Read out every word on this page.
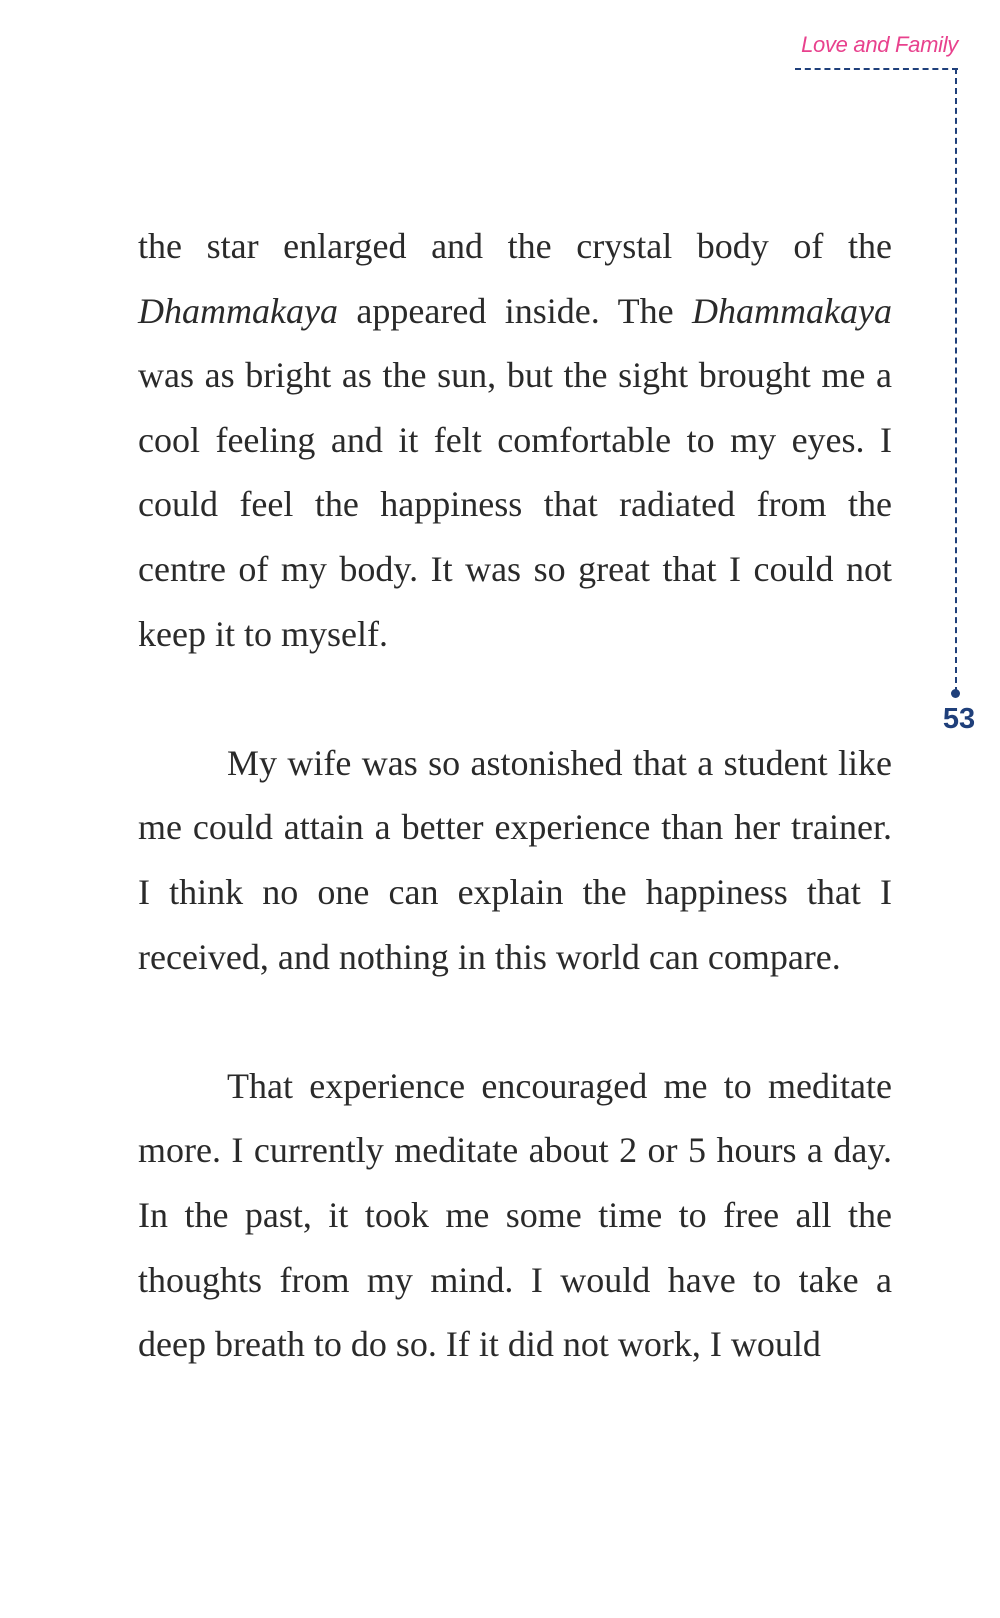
Love and Family
53

the star enlarged and the crystal body of the Dhammakaya appeared inside. The Dhammakaya was as bright as the sun, but the sight brought me a cool feeling and it felt comfortable to my eyes. I could feel the happiness that radiated from the centre of my body. It was so great that I could not keep it to myself.

My wife was so astonished that a student like me could attain a better experience than her trainer. I think no one can explain the happiness that I received, and nothing in this world can compare.

That experience encouraged me to meditate more. I currently meditate about 2 or 5 hours a day. In the past, it took me some time to free all the thoughts from my mind. I would have to take a deep breath to do so. If it did not work, I would
